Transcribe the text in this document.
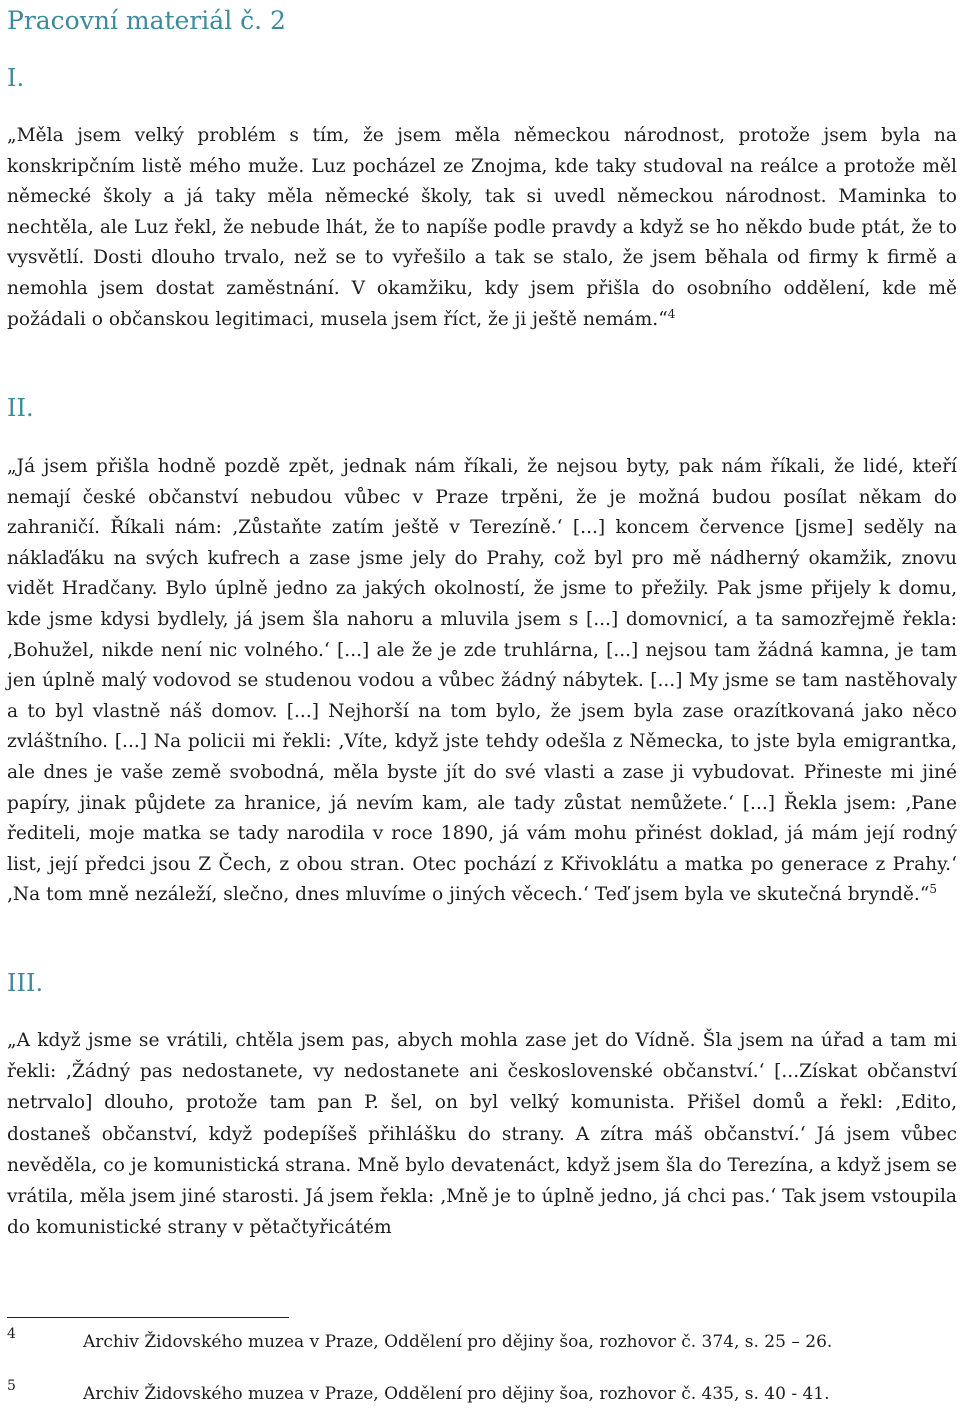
Pracovní materiál č. 2
I.

„Měla jsem velký problém s tím, že jsem měla německou národnost, protože jsem byla na konskripčním listě mého muže. Luz pocházel ze Znojma, kde taky studoval na reálce a protože měl německé školy a já taky měla německé školy, tak si uvedl německou národnost. Maminka to nechtěla, ale Luz řekl, že nebude lhát, že to napíše podle pravdy a když se ho někdo bude ptát, že to vysvětlí. Dosti dlouho trvalo, než se to vyřešilo a tak se stalo, že jsem běhala od firmy k firmě a nemohla jsem dostat zaměstnání. V okamžiku, kdy jsem přišla do osobního oddělení, kde mě požádali o občanskou legitimaci, musela jsem říct, že ji ještě nemám.“$^4$

II.

„Já jsem přišla hodně pozdě zpět, jednak nám říkali, že nejsou byty, pak nám říkali, že lidé, kteří nemají české občanství nebudou vůbec v Praze trpěni, že je možná budou posílat někam do zahraničí. Říkali nám: ‚Zůstaňte zatím ještě v Terezíně.‘ [...] koncem července [jsme] seděly na náklaďáku na svých kufrech a zase jsme jely do Prahy, což byl pro mě nádherný okamžik, znovu vidět Hradčany. Bylo úplně jedno za jakých okolností, že jsme to přežily. Pak jsme přijely k domu, kde jsme kdysi bydlely, já jsem šla nahoru a mluvila jsem s [...] domovnicí, a ta samozřejmě řekla: ‚Bohužel, nikde není nic volného.‘ [...] ale že je zde truhlárna, [...] nejsou tam žádná kamna, je tam jen úplně malý vodovod se studenou vodou a vůbec žádný nábytek. [...] My jsme se tam nastěhovaly a to byl vlastně náš domov. [...] Nejhorší na tom bylo, že jsem byla zase orazítkovaná jako něco zvláštního. [...] Na policii mi řekli: ‚Víte, když jste tehdy odešla z Německa, to jste byla emigrantka, ale dnes je vaše země svobodná, měla byste jít do své vlasti a zase ji vybudovat. Přineste mi jiné papíry, jinak půjdete za hranice, já nevím kam, ale tady zůstat nemůžete.‘ [...] Řekla jsem: ‚Pane řediteli, moje matka se tady narodila v roce 1890, já vám mohu přinést doklad, já mám její rodný list, její předci jsou Z Čech, z obou stran. Otec pochází z Křivoklátu a matka po generace z Prahy.‘ ‚Na tom mně nezáleží, slečno, dnes mluvíme o jiných věcech.‘ Teď jsem byla ve skutečná bryndě.“$^5$

III.

„A když jsme se vrátili, chtěla jsem pas, abych mohla zase jet do Vídně. Šla jsem na úřad a tam mi řekli: ‚Žádný pas nedostanete, vy nedostanete ani československé občanství.‘ [...Získat občanství netrvalo] dlouho, protože tam pan P. šel, on byl velký komunista. Přišel domů a řekl: ‚Edito, dostaneš občanství, když podepíšeš přihlášku do strany. A zítra máš občanství.‘ Já jsem vůbec nevěděla, co je komunistická strana. Mně bylo devatenáct, když jsem šla do Terezína, a když jsem se vrátila, měla jsem jiné starosti. Já jsem řekla: ‚Mně je to úplně jedno, já chci pas.‘ Tak jsem vstoupila do komunistické strany v pětačtyřicátém

4	Archiv Židovského muzea v Praze, Oddělení pro dějiny šoa, rozhovor č. 374, s. 25 – 26.
5	Archiv Židovského muzea v Praze, Oddělení pro dějiny šoa, rozhovor č. 435, s. 40 - 41.
